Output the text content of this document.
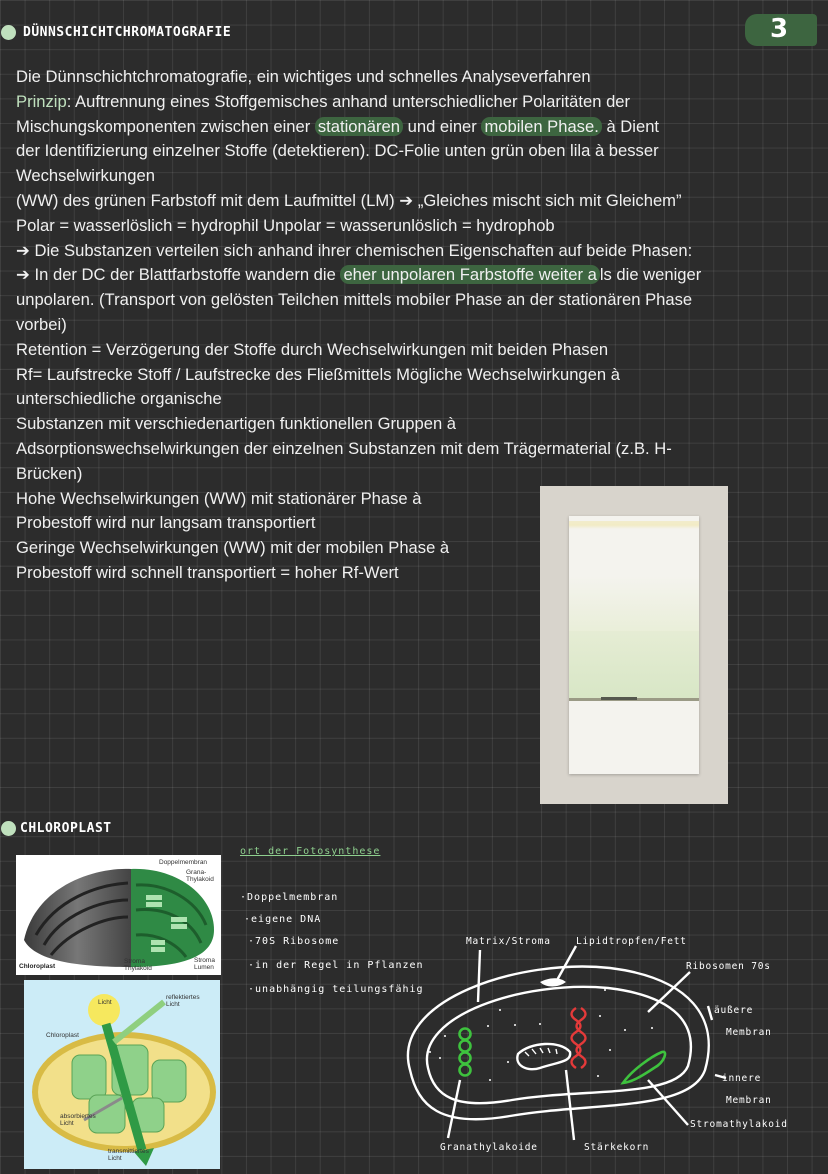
DÜNNSCHICHTCHROMATOGRAFIE	3

Die Dünnschichtchromatografie, ein wichtiges und schnelles Analyseverfahren

Prinzip: Auftrennung eines Stoffgemisches anhand unterschiedlicher Polaritäten der

Mischungskomponenten zwischen einer stationären und einer mobilen Phase. à Dient

der Identifizierung einzelner Stoffe (detektieren). DC-Folie unten grün oben lila à besser

Wechselwirkungen

(WW) des grünen Farbstoff mit dem Laufmittel (LM) ➔ „Gleiches mischt sich mit Gleichem”

Polar = wasserlöslich = hydrophil Unpolar = wasserunlöslich = hydrophob

➔ Die Substanzen verteilen sich anhand ihrer chemischen Eigenschaften auf beide Phasen:

➔ In der DC der Blattfarbstoffe wandern die eher unpolaren Farbstoffe weiter a ls die weniger

unpolaren. (Transport von gelösten Teilchen mittels mobiler Phase an der stationären Phase

vorbei)

Retention = Verzögerung der Stoffe durch Wechselwirkungen mit beiden Phasen

Rf= Laufstrecke Stoff / Laufstrecke des Fließmittels Mögliche Wechselwirkungen à

unterschiedliche organische

Substanzen mit verschiedenartigen funktionellen Gruppen à

Adsorptionswechselwirkungen der einzelnen Substanzen mit dem Trägermaterial (z.B. H-

Brücken)

Hohe Wechselwirkungen (WW) mit stationärer Phase à

Probestoff wird nur langsam transportiert

Geringe Wechselwirkungen (WW) mit der mobilen Phase à

Probestoff wird schnell transportiert = hoher Rf-Wert

CHLOROPLAST
Doppelmembran
Grana-
Thylakoid
Chloroplast
Stroma
Thylakoid
Stroma
Lumen
Licht
reflektiertes
Licht
Chloroplast
absorbiertes
Licht
transmittiertes
Licht
ort der Fotosynthese
·Doppelmembran
·eigene DNA
·70S Ribosome
·in der Regel in Pflanzen
·unabhängig teilungsfähig
Matrix/Stroma	Lipidtropfen/Fett
Ribosomen 70s
äußere
Membran
innere
Membran
Stromathylakoid
Granathylakoide	Stärkekorn
